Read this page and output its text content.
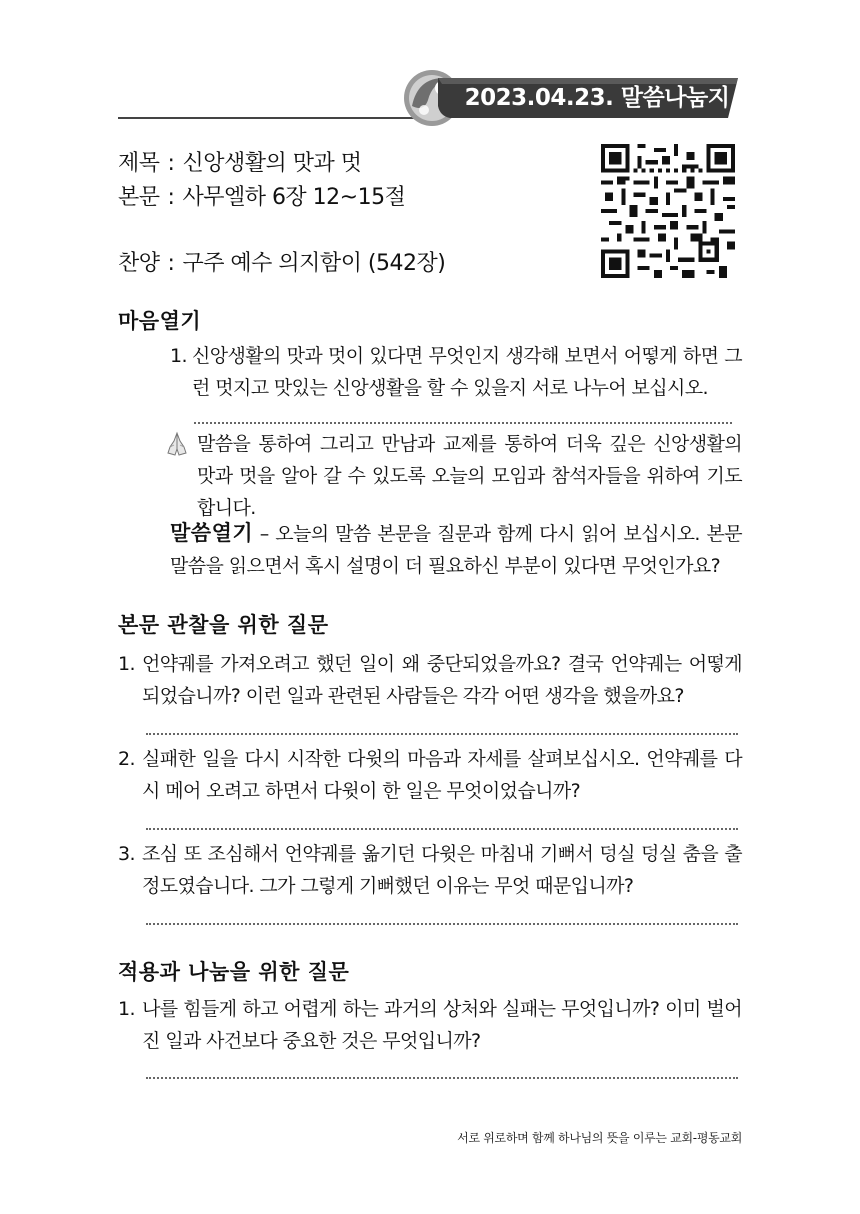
2023.04.23. 말씀나눔지
제목 : 신앙생활의 맛과 멋
본문 : 사무엘하 6장 12~15절
찬양 : 구주 예수 의지함이 (542장)
마음열기
1. 신앙생활의 맛과 멋이 있다면 무엇인지 생각해 보면서 어떻게 하면 그런 멋지고 맛있는 신앙생활을 할 수 있을지 서로 나누어 보십시오.
말씀을 통하여 그리고 만남과 교제를 통하여 더욱 깊은 신앙생활의 맛과 멋을 알아 갈 수 있도록 오늘의 모임과 참석자들을 위하여 기도합니다.
말씀열기 – 오늘의 말씀 본문을 질문과 함께 다시 읽어 보십시오. 본문 말씀을 읽으면서 혹시 설명이 더 필요하신 부분이 있다면 무엇인가요?
본문 관찰을 위한 질문
1. 언약궤를 가져오려고 했던 일이 왜 중단되었을까요? 결국 언약궤는 어떻게 되었습니까? 이런 일과 관련된 사람들은 각각 어떤 생각을 했을까요?
2. 실패한 일을 다시 시작한 다윗의 마음과 자세를 살펴보십시오. 언약궤를 다시 메어 오려고 하면서 다윗이 한 일은 무엇이었습니까?
3. 조심 또 조심해서 언약궤를 옮기던 다윗은 마침내 기뻐서 덩실 덩실 춤을 출 정도였습니다. 그가 그렇게 기뻐했던 이유는 무엇 때문입니까?
적용과 나눔을 위한 질문
1. 나를 힘들게 하고 어렵게 하는 과거의 상처와 실패는 무엇입니까? 이미 벌어진 일과 사건보다 중요한 것은 무엇입니까?
서로 위로하며 함께 하나님의 뜻을 이루는 교회-평동교회
